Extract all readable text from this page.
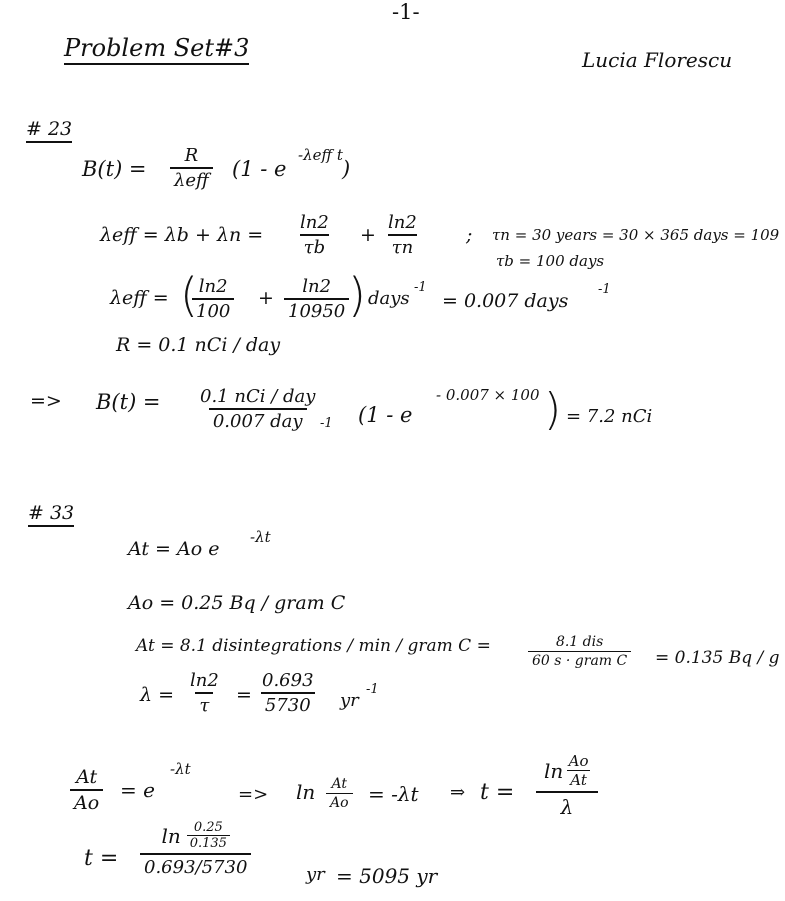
-1-
Problem Set#3	Lucia Florescu
# 23
B(t) =
R
λeff (1 - e
-λeff t
)
$\lambda eff = \lambda b + \lambda n = \frac{\ln 2}{\tau b} + \frac{\ln 2}{\tau n}$ ; τn = 30 years = 30 × 365 days = 109
τb = 100 days
λeff = (
$\frac{\ln 2}{100} + \frac{\ln 2}{10950}$
) days
-1
= 0.007 days
-1
R = 0.1 nCi / day
=> B(t) = 0.1 nCi / day
0.007 day	-1 (1 - e
- 0.007 × 100 ) = 7.2 nCi
# 33
At = Ao e
-λt
Ao = 0.25 Bq / gram C
At = 8.1 disintegrations / min / gram C =	8.1 dis
60 s · gram C = 0.135 Bq / g
$\lambda = \frac{\ln 2}{\tau} = \frac{0.693}{5730}$ yr
-1
$\frac{At}{Ao} = e$
-λt
=> $\ln \frac{At}{Ao} = -\lambda t$ ⇒ t =
ln Ao
At
λ
t =
ln 0.25
0.135
0.693/5730	yr = 5095 yr
